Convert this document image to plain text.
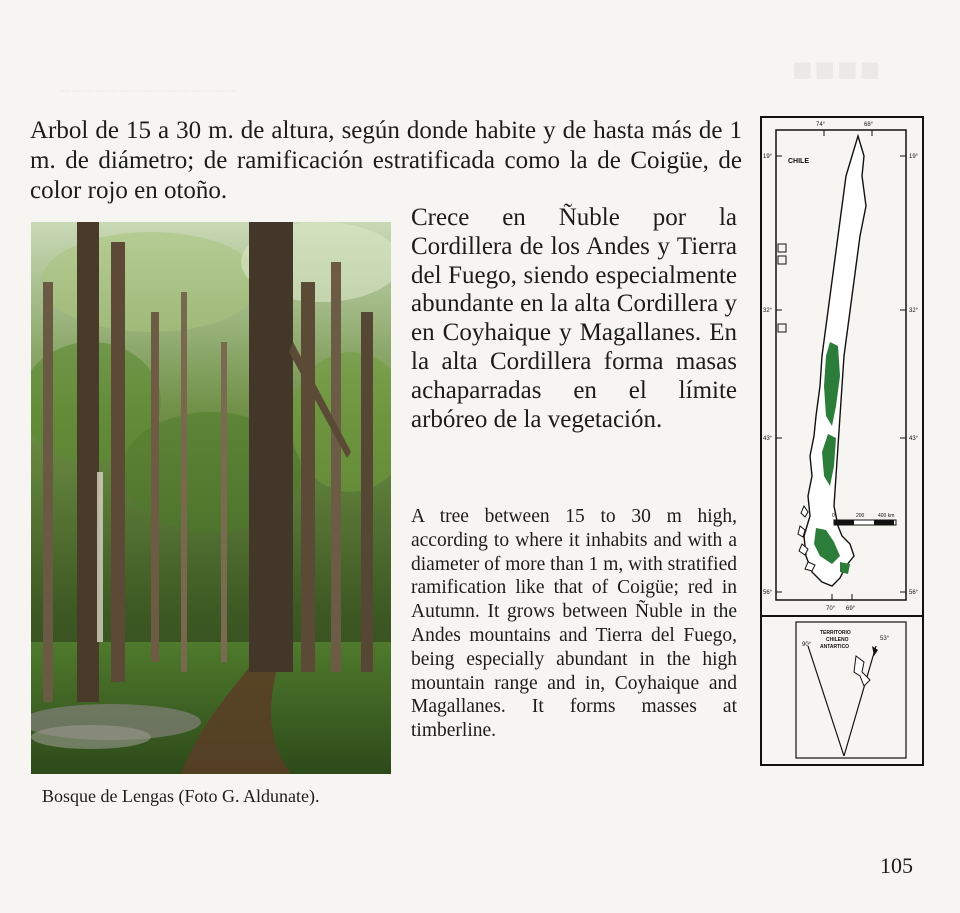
■■■■
───────────────

Arbol de 15 a 30 m. de altura, según donde habite y de hasta más de 1 m. de diámetro; de ramificación estratificada como la de Coigüe, de color rojo en otoño.

Bosque de Lengas (Foto G. Aldunate).

Crece en Ñuble por la Cordillera de los Andes y Tierra del Fuego, siendo especialmente abundante en la alta Cordillera y en Coyhaique y Magallanes. En la alta Cordillera forma masas achaparradas en el límite arbóreo de la vegetación.

A tree between 15 to 30 m high, according to where it inhabits and with a diameter of more than 1 m, with stratified ramification like that of Coigüe; red in Autumn. It grows between Ñuble in the Andes mountains and Tierra del Fuego, being especially abundant in the high mountain range and in, Coyhaique and Magallanes. It forms masses at timberline.

CHILE
74°	68°
70° 69°
19°	19°
32°	32°
43°	43°
56°	56°
0	200	400 km
TERRITORIO
CHILENO
ANTARTICO
90°
53°

105
